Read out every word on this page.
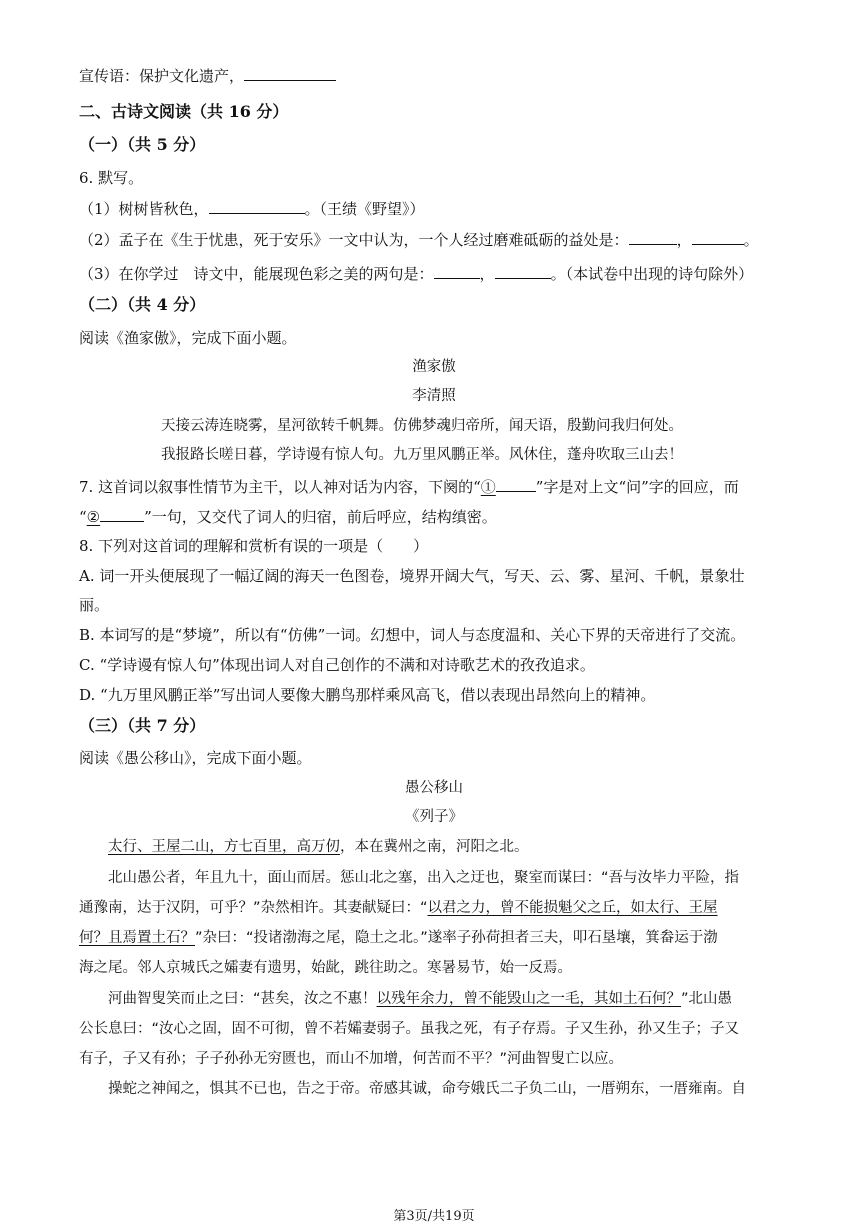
宣传语：保护文化遗产，
二、古诗文阅读（共 16 分）
（一）（共 5 分）
6. 默写。
（1）树树皆秋色，	。（王绩《野望》）
（2）孟子在《生于忧患，死于安乐》一文中认为，一个人经过磨难砥砺的益处是：	，	。
（3）在你学过　诗文中，能展现色彩之美的两句是：	，	。（本试卷中出现的诗句除外）
（二）（共 4 分）
阅读《渔家傲》，完成下面小题。
渔家傲
李清照
天接云涛连晓雾，星河欲转千帆舞。仿佛梦魂归帝所，闻天语，殷勤问我归何处。
我报路长嗟日暮，学诗谩有惊人句。九万里风鹏正举。风休住，蓬舟吹取三山去！
7. 这首词以叙事性情节为主干，以人神对话为内容，下阕的“①	”字是对上文“问”字的回应，而
“②	”一句，又交代了词人的归宿，前后呼应，结构缜密。
8. 下列对这首词的理解和赏析有误的一项是（　　）
A. 词一开头便展现了一幅辽阔的海天一色图卷，境界开阔大气，写天、云、雾、星河、千帆，景象壮
丽。
B. 本词写的是“梦境”，所以有“仿佛”一词。幻想中，词人与态度温和、关心下界的天帝进行了交流。
C. “学诗谩有惊人句”体现出词人对自己创作的不满和对诗歌艺术的孜孜追求。
D. “九万里风鹏正举”写出词人要像大鹏鸟那样乘风高飞，借以表现出昂然向上的精神。
（三）（共 7 分）
阅读《愚公移山》，完成下面小题。
愚公移山
《列子》
太行、王屋二山，方七百里，高万仞，本在冀州之南，河阳之北。
北山愚公者，年且九十，面山而居。惩山北之塞，出入之迂也，聚室而谋曰：“吾与汝毕力平险，指
通豫南，达于汉阴，可乎？”杂然相许。其妻献疑曰：“以君之力，曾不能损魁父之丘，如太行、王屋
何？且焉置土石？”杂曰：“投诸渤海之尾，隐土之北。”遂率子孙荷担者三夫，叩石垦壤，箕畚运于渤
海之尾。邻人京城氏之孀妻有遗男，始龀，跳往助之。寒暑易节，始一反焉。
河曲智叟笑而止之曰：“甚矣，汝之不惠！以残年余力，曾不能毁山之一毛，其如土石何？”北山愚
公长息曰：“汝心之固，固不可彻，曾不若孀妻弱子。虽我之死，有子存焉。子又生孙，孙又生子；子又
有子，子又有孙；子子孙孙无穷匮也，而山不加增，何苦而不平？”河曲智叟亡以应。
操蛇之神闻之，惧其不已也，告之于帝。帝感其诚，命夸娥氏二子负二山，一厝朔东，一厝雍南。自
第3页/共19页
